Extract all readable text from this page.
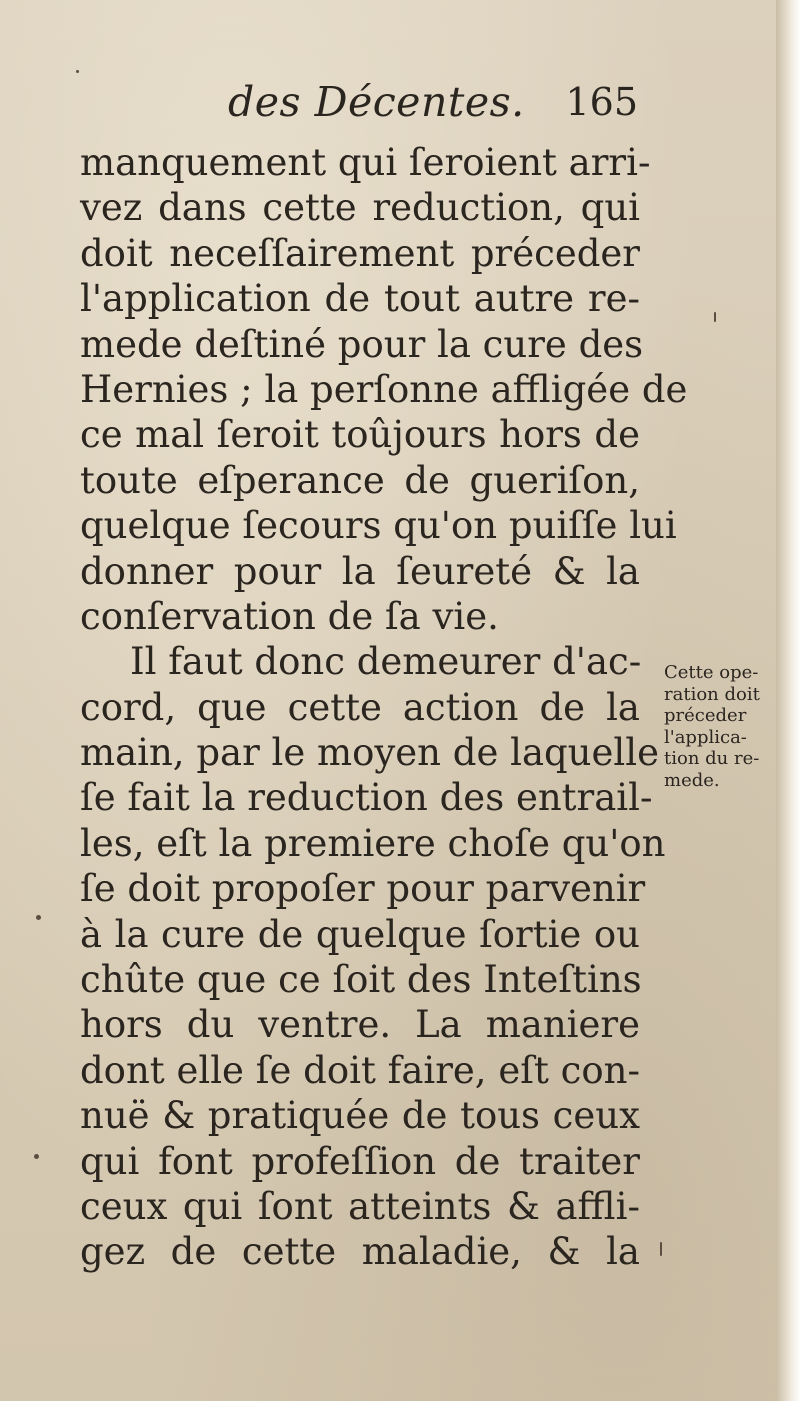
des Décentes. 165
manquement qui ſeroient arri-
vez dans cette reduction, qui
doit neceſſairement préceder
l'application de tout autre re-
mede deſtiné pour la cure des
Hernies ; la perſonne affligée de
ce mal ſeroit toûjours hors de
toute eſperance de gueriſon,
quelque ſecours qu'on puiſſe lui
donner pour la ſeureté & la
conſervation de ſa vie.
Il faut donc demeurer d'ac-
cord, que cette action de la
main, par le moyen de laquelle
ſe fait la reduction des entrail-
les, eſt la premiere choſe qu'on
ſe doit propoſer pour parvenir
à la cure de quelque ſortie ou
chûte que ce ſoit des Inteſtins
hors du ventre. La maniere
dont elle ſe doit faire, eſt con-
nuë & pratiquée de tous ceux
qui font profeſſion de traiter
ceux qui ſont atteints & affli-
gez de cette maladie, & la
Cette ope-
ration doit
préceder
l'applica-
tion du re-
mede.
